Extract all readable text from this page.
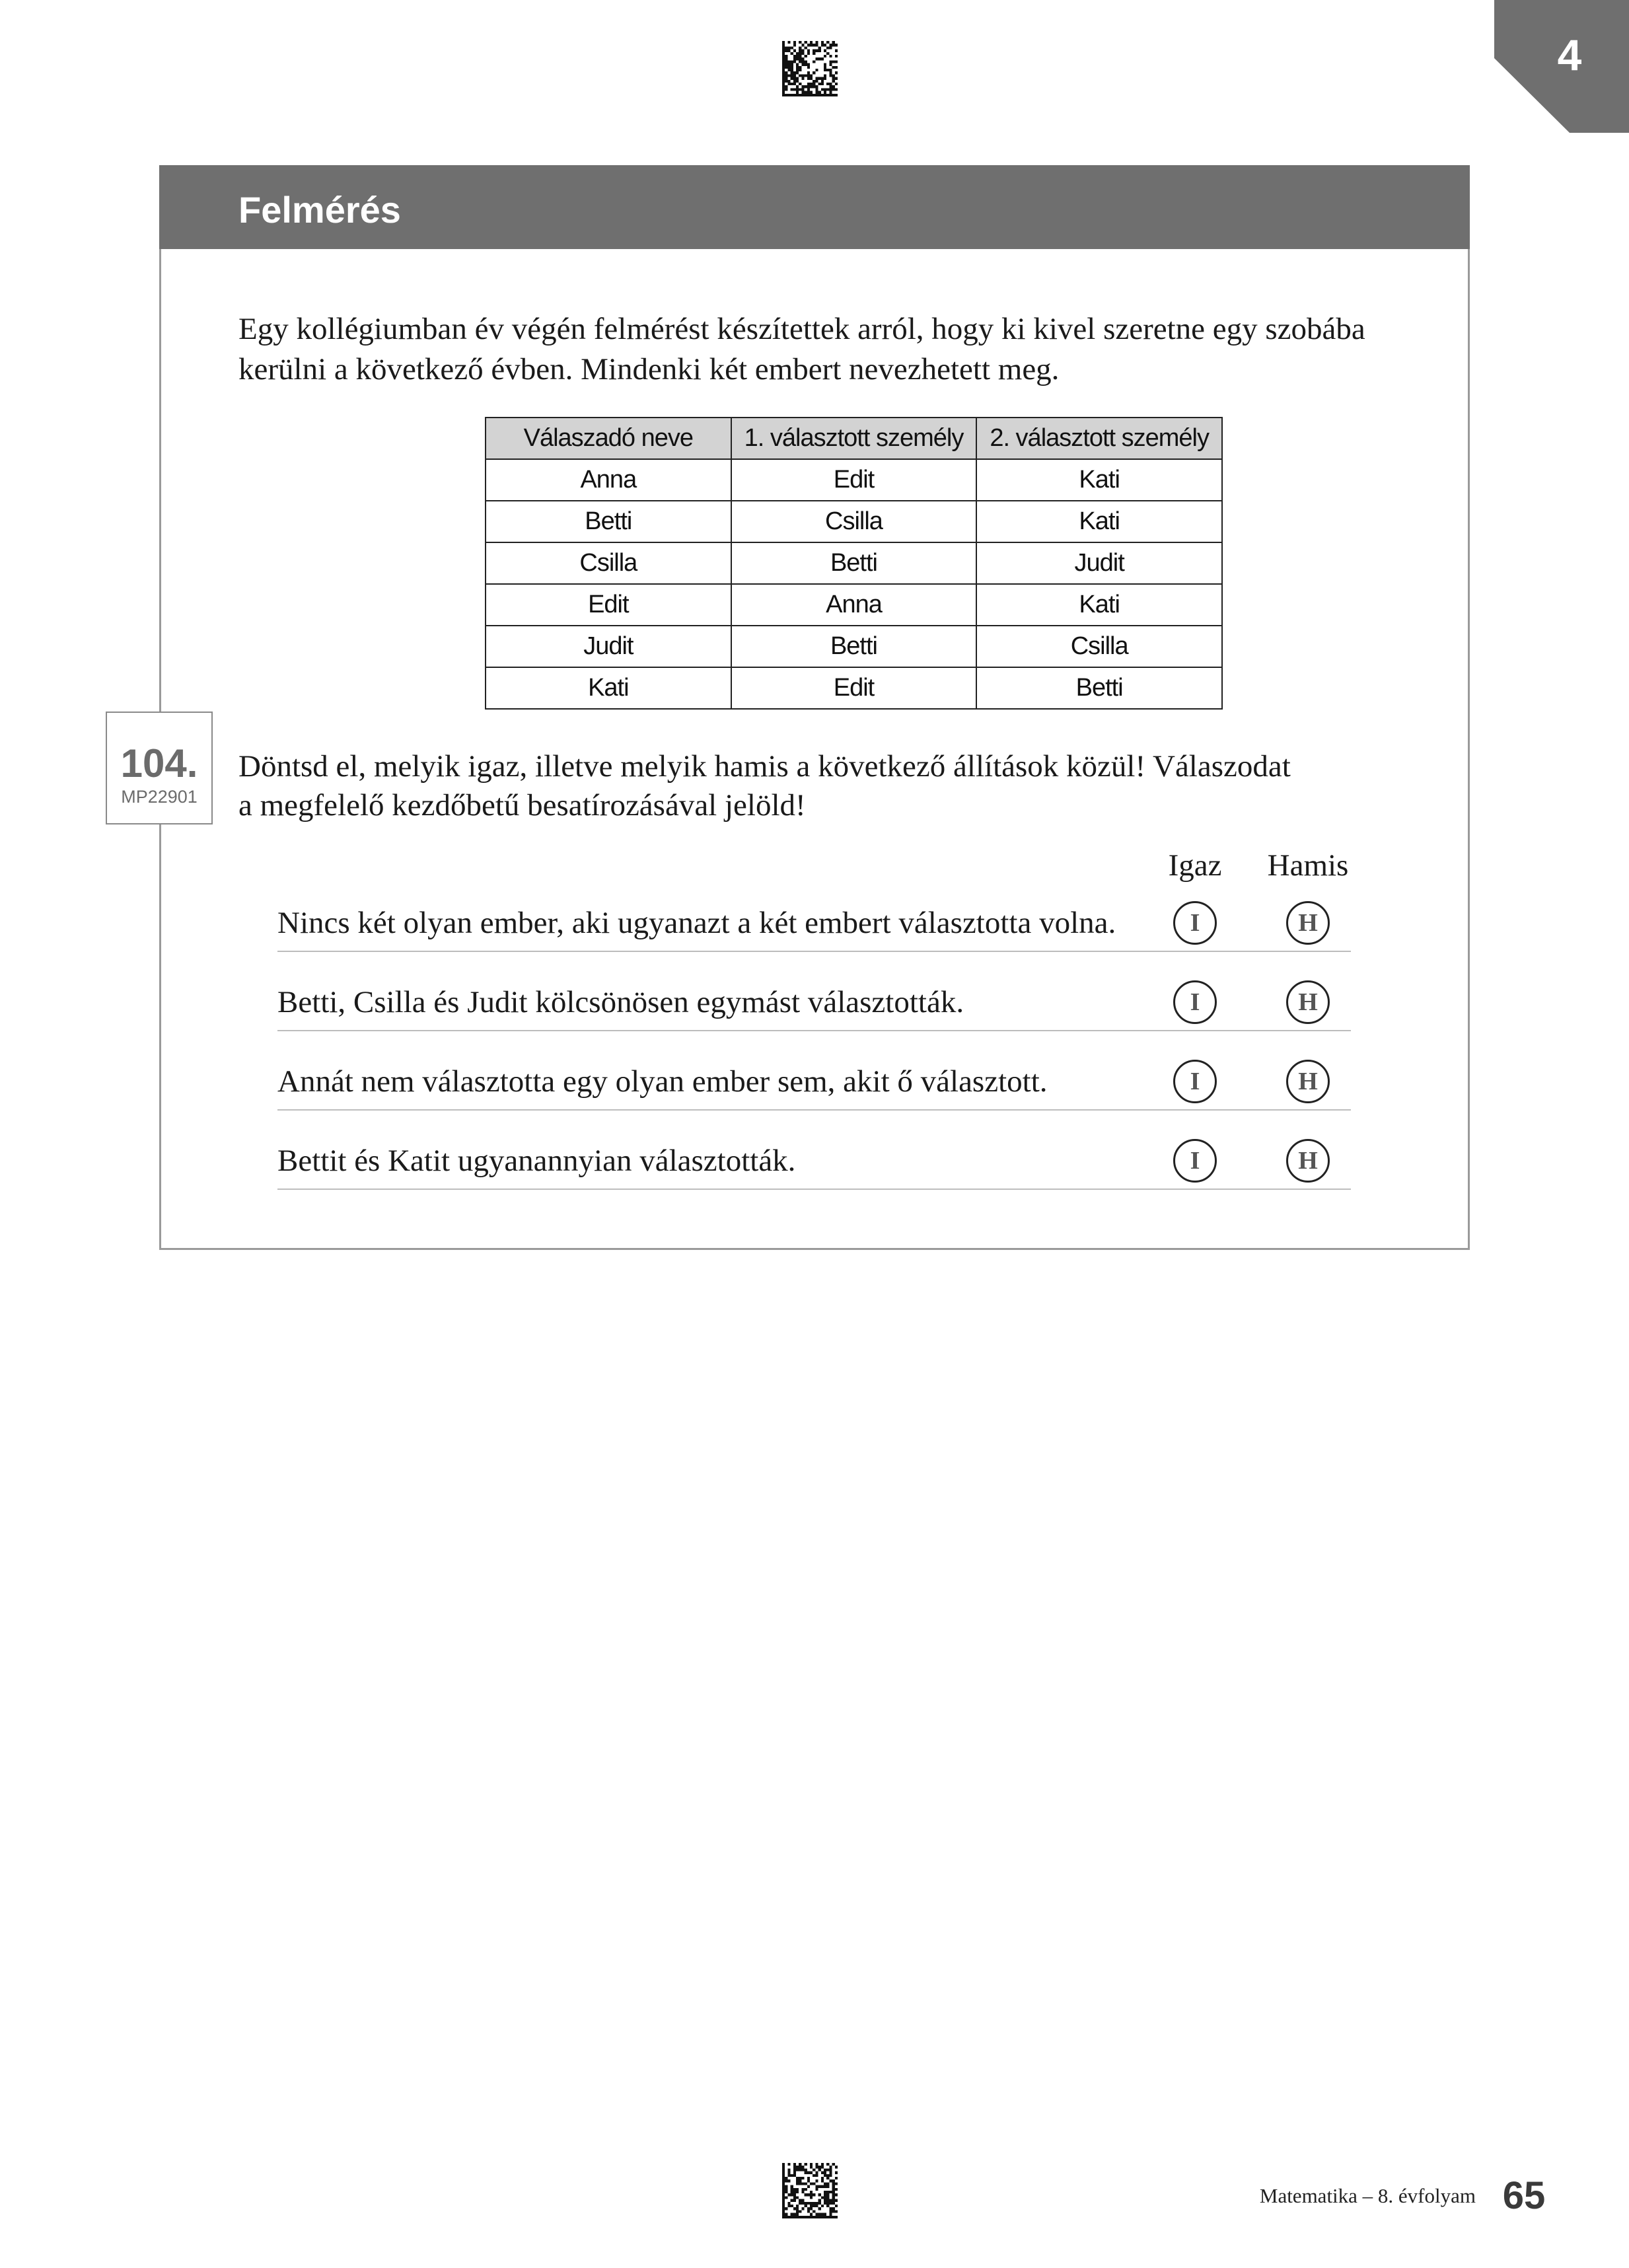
4
Felmérés
Egy kollégiumban év végén felmérést készítettek arról, hogy ki kivel szeretne egy szobába
kerülni a következő évben. Mindenki két embert nevezhetett meg.
Válaszadó neve	1. választott személy	2. választott személy
Anna	Edit	Kati
Betti	Csilla	Kati
Csilla	Betti	Judit
Edit	Anna	Kati
Judit	Betti	Csilla
Kati	Edit	Betti
104.
MP22901
Döntsd el, melyik igaz, illetve melyik hamis a következő állítások közül! Válaszodat
a megfelelő kezdőbetű besatírozásával jelöld!
Igaz	Hamis
Nincs két olyan ember, aki ugyanazt a két embert választotta volna.	I	H
Betti, Csilla és Judit kölcsönösen egymást választották.	I	H
Annát nem választotta egy olyan ember sem, akit ő választott.	I	H
Bettit és Katit ugyanannyian választották.	I	H
Matematika – 8. évfolyam 65
